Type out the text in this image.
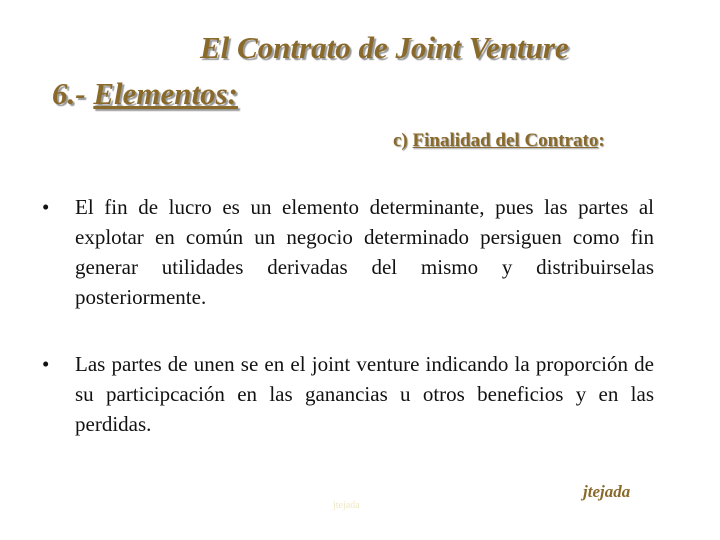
El Contrato de Joint Venture
6.- Elementos:
c) Finalidad del Contrato:
• El fin de lucro es un elemento determinante, pues las partes al explotar en común un negocio determinado persiguen como fin generar utilidades derivadas del mismo y distribuirselas posteriormente.
• Las partes de unen se en el joint venture indicando la proporción de su participcación en las ganancias u otros beneficios y en las perdidas.
jtejada
jtejada
